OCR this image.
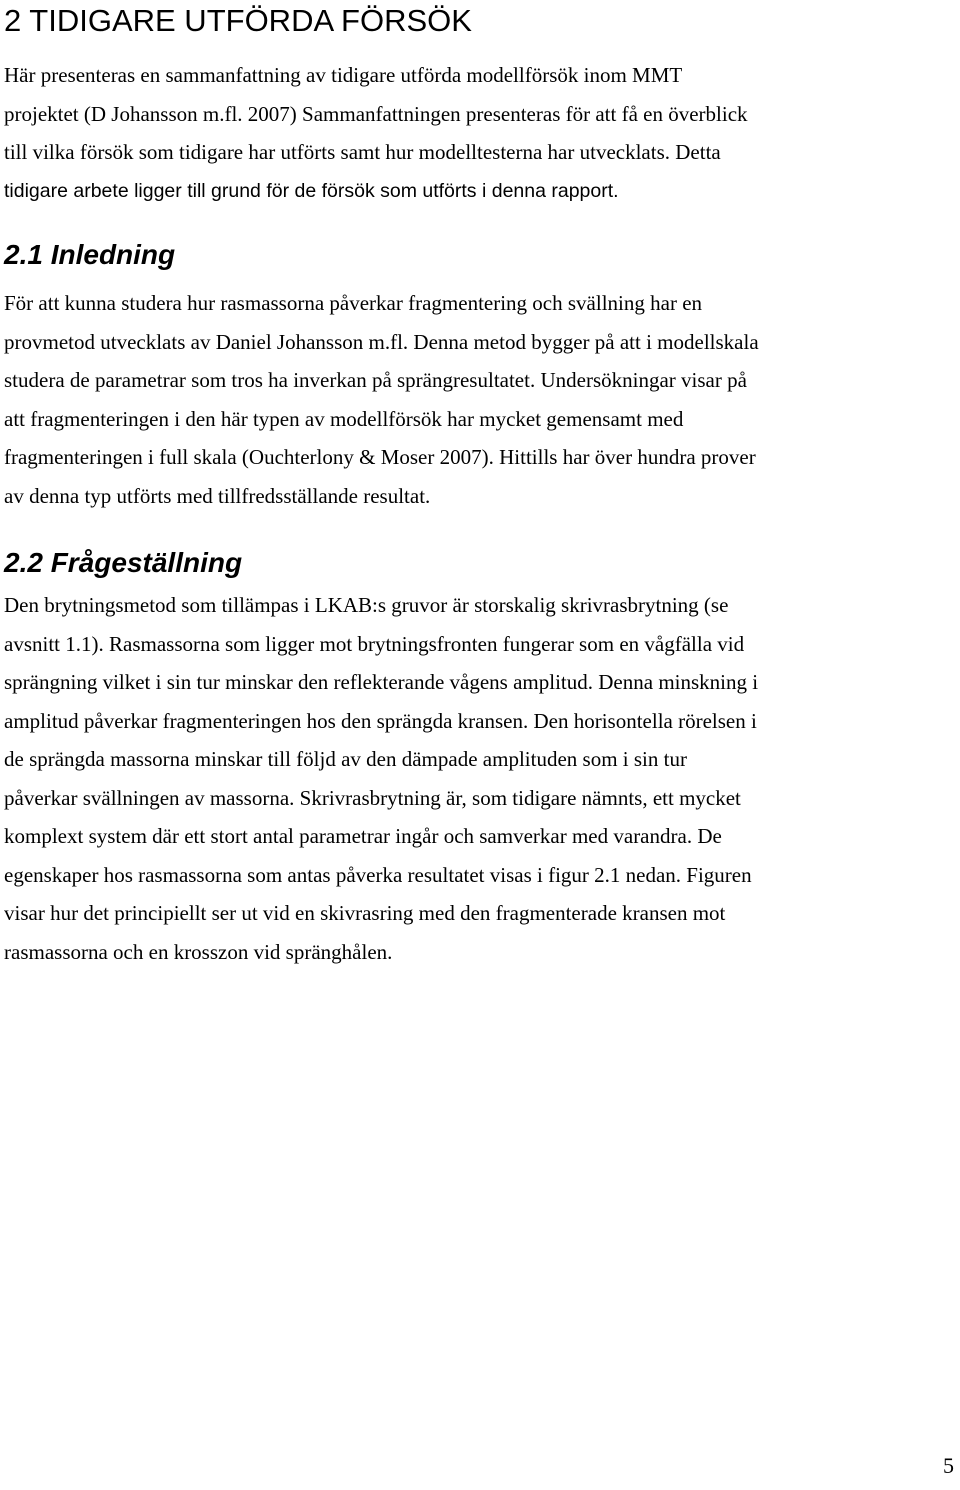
2 TIDIGARE UTFÖRDA FÖRSÖK

Här presenteras en sammanfattning av tidigare utförda modellförsök inom MMT
projektet (D Johansson m.fl. 2007) Sammanfattningen presenteras för att få en överblick
till vilka försök som tidigare har utförts samt hur modelltesterna har utvecklats. Detta
tidigare arbete ligger till grund för de försök som utförts i denna rapport.

2.1 Inledning

För att kunna studera hur rasmassorna påverkar fragmentering och svällning har en
provmetod utvecklats av Daniel Johansson m.fl. Denna metod bygger på att i modellskala
studera de parametrar som tros ha inverkan på sprängresultatet. Undersökningar visar på
att fragmenteringen i den här typen av modellförsök har mycket gemensamt med
fragmenteringen i full skala (Ouchterlony & Moser 2007). Hittills har över hundra prover
av denna typ utförts med tillfredsställande resultat.

2.2 Frågeställning

Den brytningsmetod som tillämpas i LKAB:s gruvor är storskalig skrivrasbrytning (se
avsnitt 1.1). Rasmassorna som ligger mot brytningsfronten fungerar som en vågfälla vid
sprängning vilket i sin tur minskar den reflekterande vågens amplitud. Denna minskning i
amplitud påverkar fragmenteringen hos den sprängda kransen. Den horisontella rörelsen i
de sprängda massorna minskar till följd av den dämpade amplituden som i sin tur
påverkar svällningen av massorna. Skrivrasbrytning är, som tidigare nämnts, ett mycket
komplext system där ett stort antal parametrar ingår och samverkar med varandra. De
egenskaper hos rasmassorna som antas påverka resultatet visas i figur 2.1 nedan. Figuren
visar hur det principiellt ser ut vid en skivrasring med den fragmenterade kransen mot
rasmassorna och en krosszon vid spränghålen.

5
